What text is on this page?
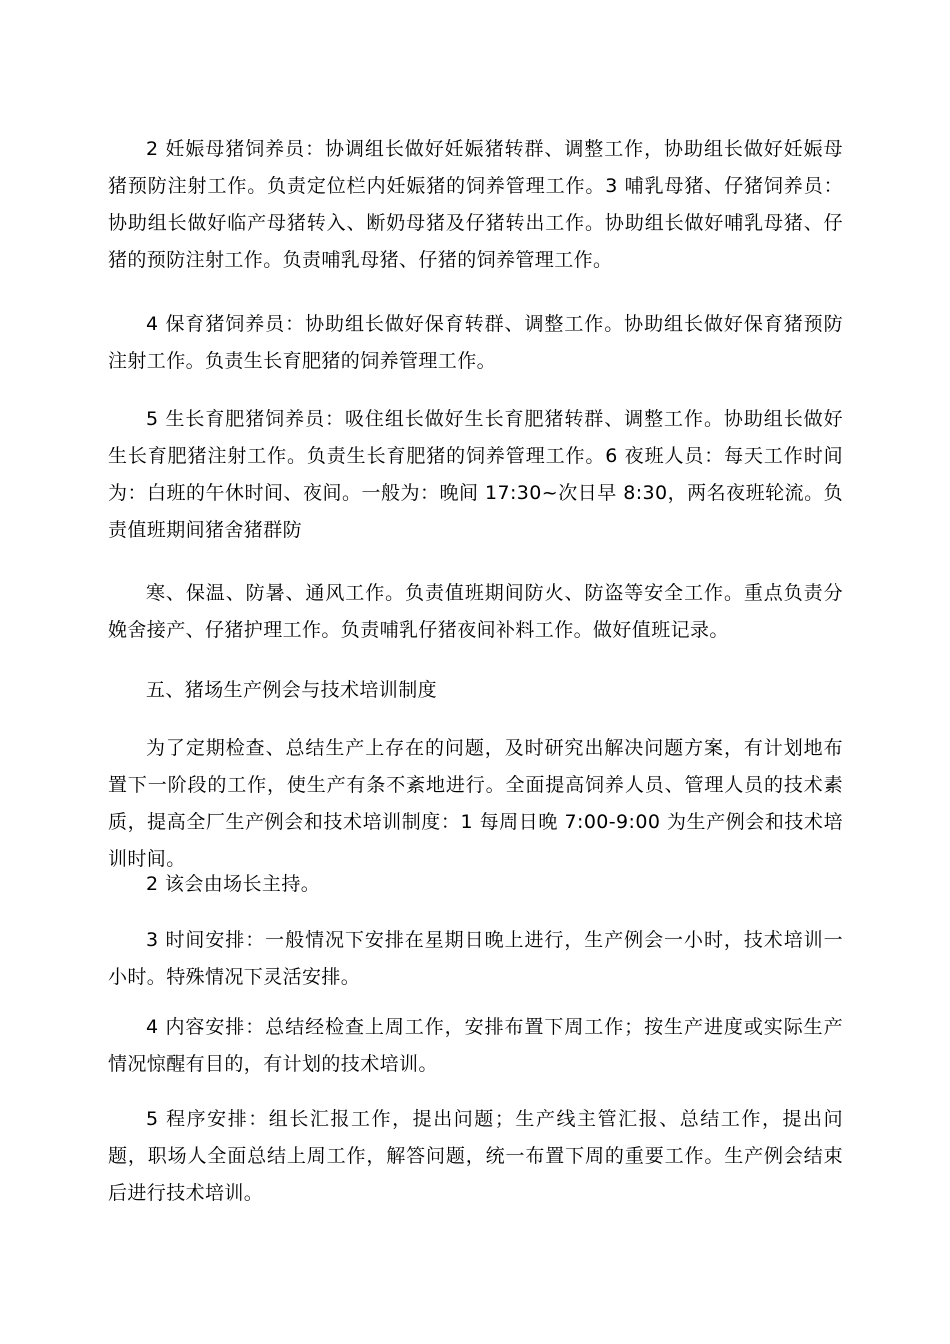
2 妊娠母猪饲养员：协调组长做好妊娠猪转群、调整工作，协助组长做好妊娠母猪预防注射工作。负责定位栏内妊娠猪的饲养管理工作。3 哺乳母猪、仔猪饲养员：协助组长做好临产母猪转入、断奶母猪及仔猪转出工作。协助组长做好哺乳母猪、仔猪的预防注射工作。负责哺乳母猪、仔猪的饲养管理工作。

4 保育猪饲养员：协助组长做好保育转群、调整工作。协助组长做好保育猪预防注射工作。负责生长育肥猪的饲养管理工作。

5 生长育肥猪饲养员：吸住组长做好生长育肥猪转群、调整工作。协助组长做好生长育肥猪注射工作。负责生长育肥猪的饲养管理工作。6 夜班人员：每天工作时间为：白班的午休时间、夜间。一般为：晚间 17:30~次日早 8:30，两名夜班轮流。负责值班期间猪舍猪群防

寒、保温、防暑、通风工作。负责值班期间防火、防盗等安全工作。重点负责分娩舍接产、仔猪护理工作。负责哺乳仔猪夜间补料工作。做好值班记录。

五、猪场生产例会与技术培训制度

为了定期检查、总结生产上存在的问题，及时研究出解决问题方案，有计划地布置下一阶段的工作，使生产有条不紊地进行。全面提高饲养人员、管理人员的技术素质，提高全厂生产例会和技术培训制度：1 每周日晚 7:00-9:00 为生产例会和技术培训时间。

2 该会由场长主持。

3 时间安排：一般情况下安排在星期日晚上进行，生产例会一小时，技术培训一小时。特殊情况下灵活安排。

4 内容安排：总结经检查上周工作，安排布置下周工作；按生产进度或实际生产情况惊醒有目的，有计划的技术培训。

5 程序安排：组长汇报工作，提出问题；生产线主管汇报、总结工作，提出问题，职场人全面总结上周工作，解答问题，统一布置下周的重要工作。生产例会结束后进行技术培训。
